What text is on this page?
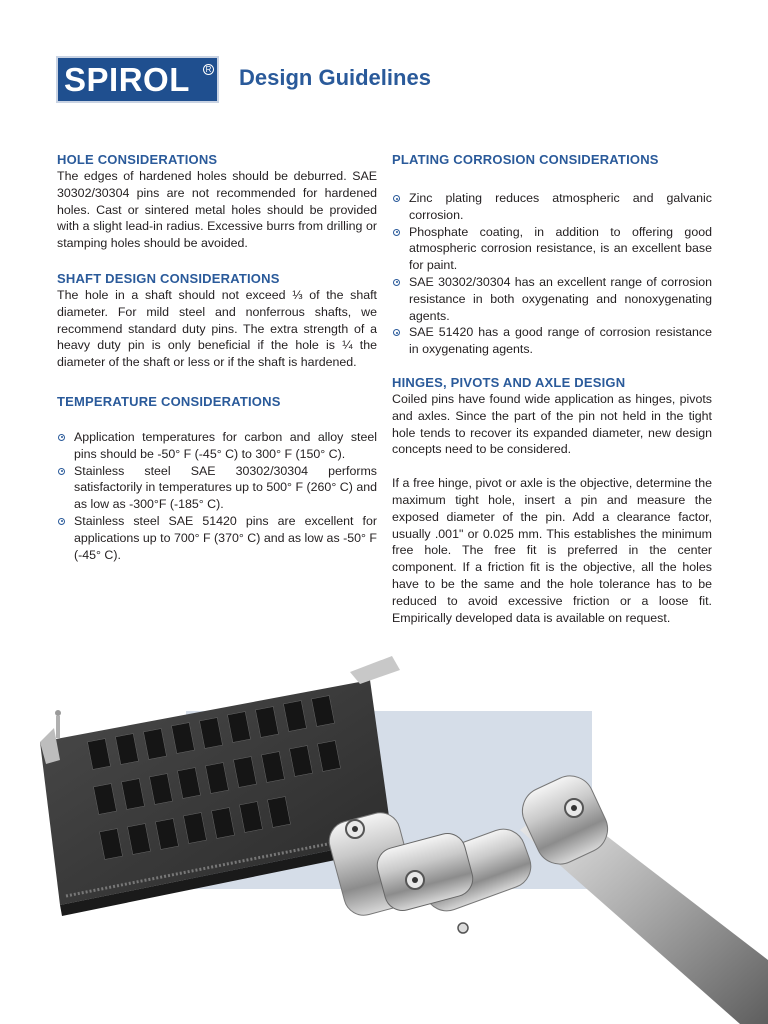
SPIROL	R Design Guidelines
HOLE CONSIDERATIONS

The edges of hardened holes should be deburred. SAE 30302/30304 pins are not recommended for hardened holes. Cast or sintered metal holes should be provided with a slight lead-in radius. Excessive burrs from drilling or stamping holes should be avoided.

SHAFT DESIGN CONSIDERATIONS

The hole in a shaft should not exceed ⅓ of the shaft diameter. For mild steel and nonferrous shafts, we recommend standard duty pins. The extra strength of a heavy duty pin is only beneficial if the hole is ¼ the diameter of the shaft or less or if the shaft is hardened.

TEMPERATURE CONSIDERATIONS
Application temperatures for carbon and alloy steel pins should be -50° F (-45° C) to 300° F (150° C).
Stainless steel SAE 30302/30304 performs satisfactorily in temperatures up to 500° F (260° C) and as low as -300°F (-185° C).
Stainless steel SAE 51420 pins are excellent for applications up to 700° F (370° C) and as low as -50° F (-45° C).
PLATING CORROSION CONSIDERATIONS
Zinc plating reduces atmospheric and galvanic corrosion.
Phosphate coating, in addition to offering good atmospheric corrosion resistance, is an excellent base for paint.
SAE 30302/30304 has an excellent range of corrosion resistance in both oxygenating and nonoxygenating agents.
SAE 51420 has a good range of corrosion resistance in oxygenating agents.
HINGES, PIVOTS AND AXLE DESIGN

Coiled pins have found wide application as hinges, pivots and axles. Since the part of the pin not held in the tight hole tends to recover its expanded diameter, new design concepts need to be considered.

If a free hinge, pivot or axle is the objective, determine the maximum tight hole, insert a pin and measure the exposed diameter of the pin. Add a clearance factor, usually .001" or 0.025 mm. This establishes the minimum free hole. The free fit is preferred in the center component. If a friction fit is the objective, all the holes have to be the same and the hole tolerance has to be reduced to avoid excessive friction or a loose fit. Empirically developed data is available on request.
